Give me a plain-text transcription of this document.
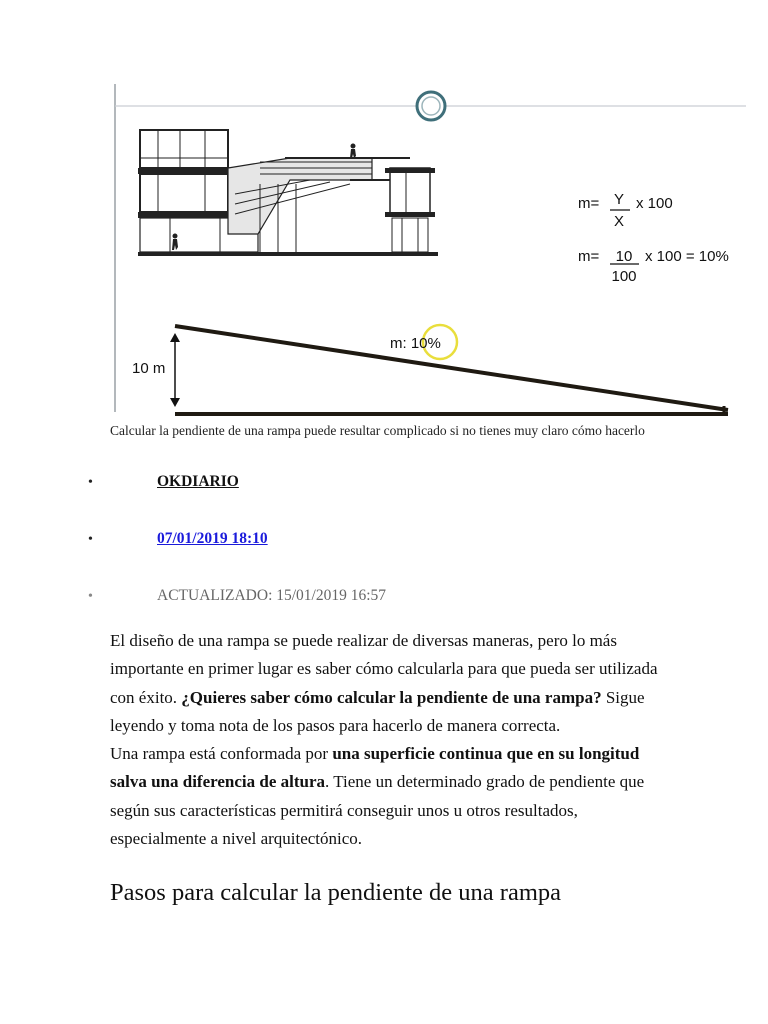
m= Y
X
x 100
m= 10
100
x 100 = 10%
10 m
m: 10%
Calcular la pendiente de una rampa puede resultar complicado si no tienes muy claro cómo hacerlo
•	OKDIARIO
•	07/01/2019 18:10
•	ACTUALIZADO: 15/01/2019 16:57

El diseño de una rampa se puede realizar de diversas maneras, pero lo más importante en primer lugar es saber cómo calcularla para que pueda ser utilizada con éxito. ¿Quieres saber cómo calcular la pendiente de una rampa? Sigue leyendo y toma nota de los pasos para hacerlo de manera correcta.

Una rampa está conformada por una superficie continua que en su longitud salva una diferencia de altura. Tiene un determinado grado de pendiente que según sus características permitirá conseguir unos u otros resultados, especialmente a nivel arquitectónico.

Pasos para calcular la pendiente de una rampa
